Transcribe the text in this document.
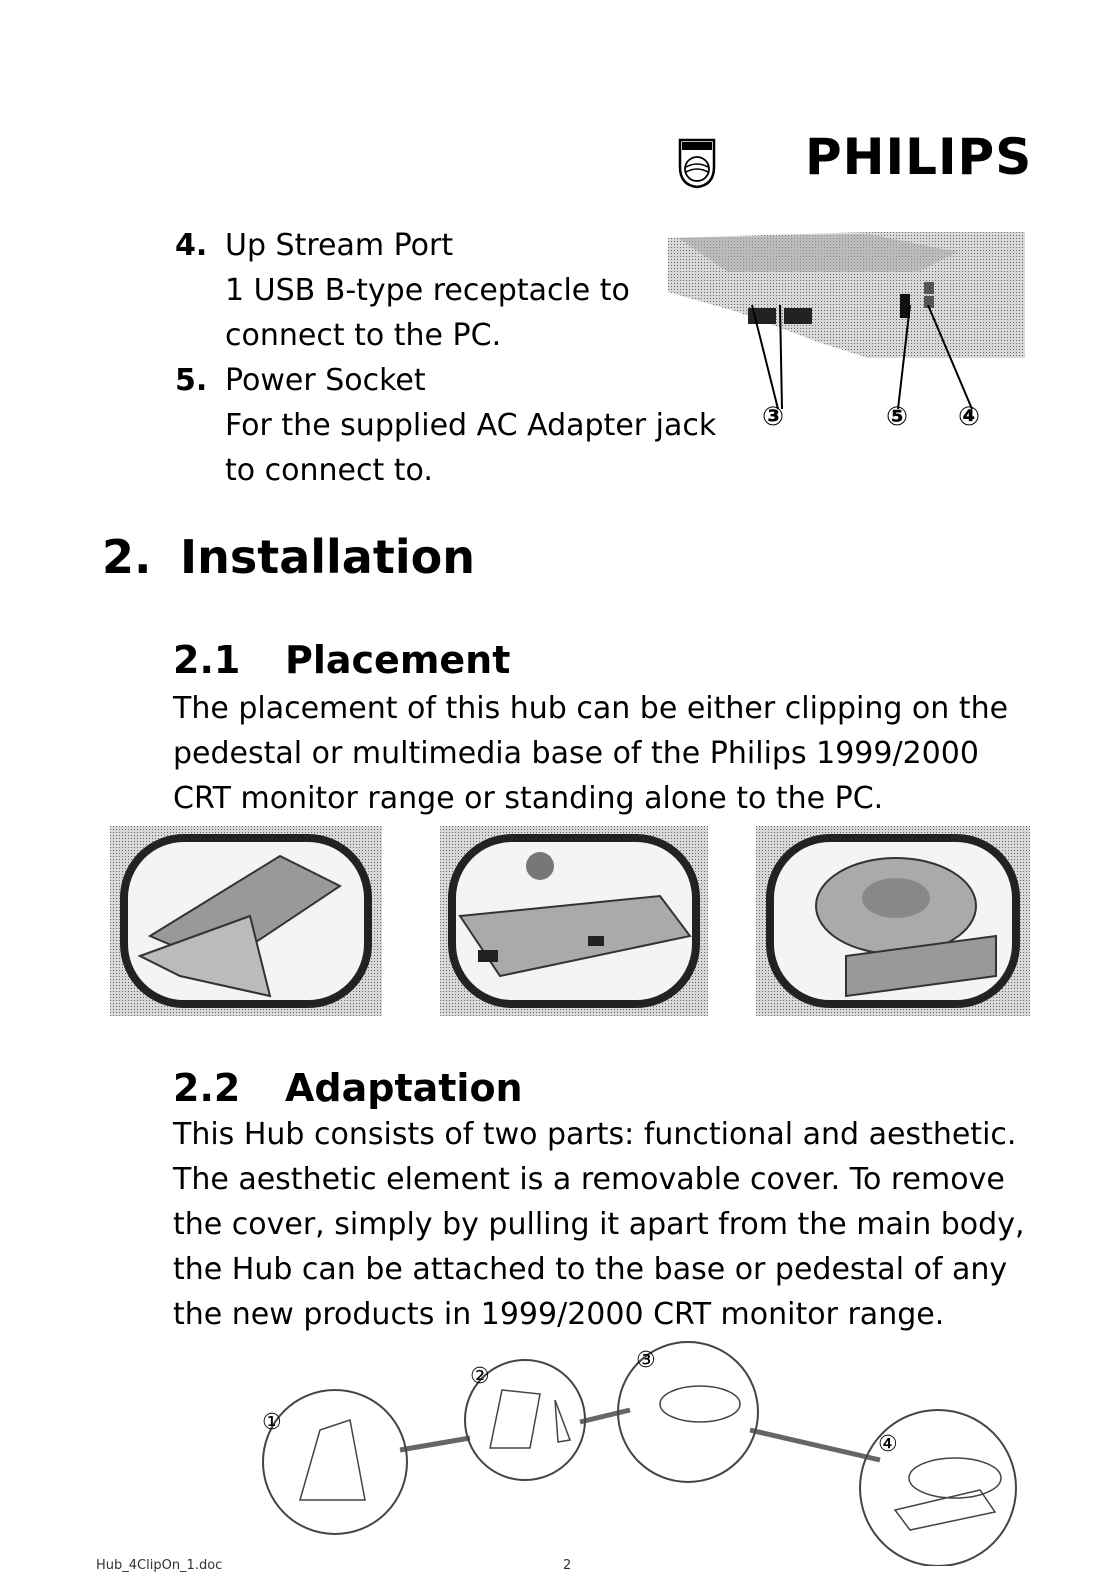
PHILIPS
4. Up Stream Port
1 USB B-type receptacle to
connect to the PC.
5. Power Socket
For the supplied AC Adapter jack
to connect to.
③	⑤ ④
2. Installation
2.1 Placement
The placement of this hub can be either clipping on the
pedestal or multimedia base of the Philips 1999/2000
CRT monitor range or standing alone to the PC.
2.2 Adaptation
This Hub consists of two parts: functional and aesthetic.
The aesthetic element is a removable cover. To remove
the cover, simply by pulling it apart from the main body,
the Hub can be attached to the base or pedestal of any
the new products in 1999/2000 CRT monitor range.
①
②
③
④
Hub_4ClipOn_1.doc	2
